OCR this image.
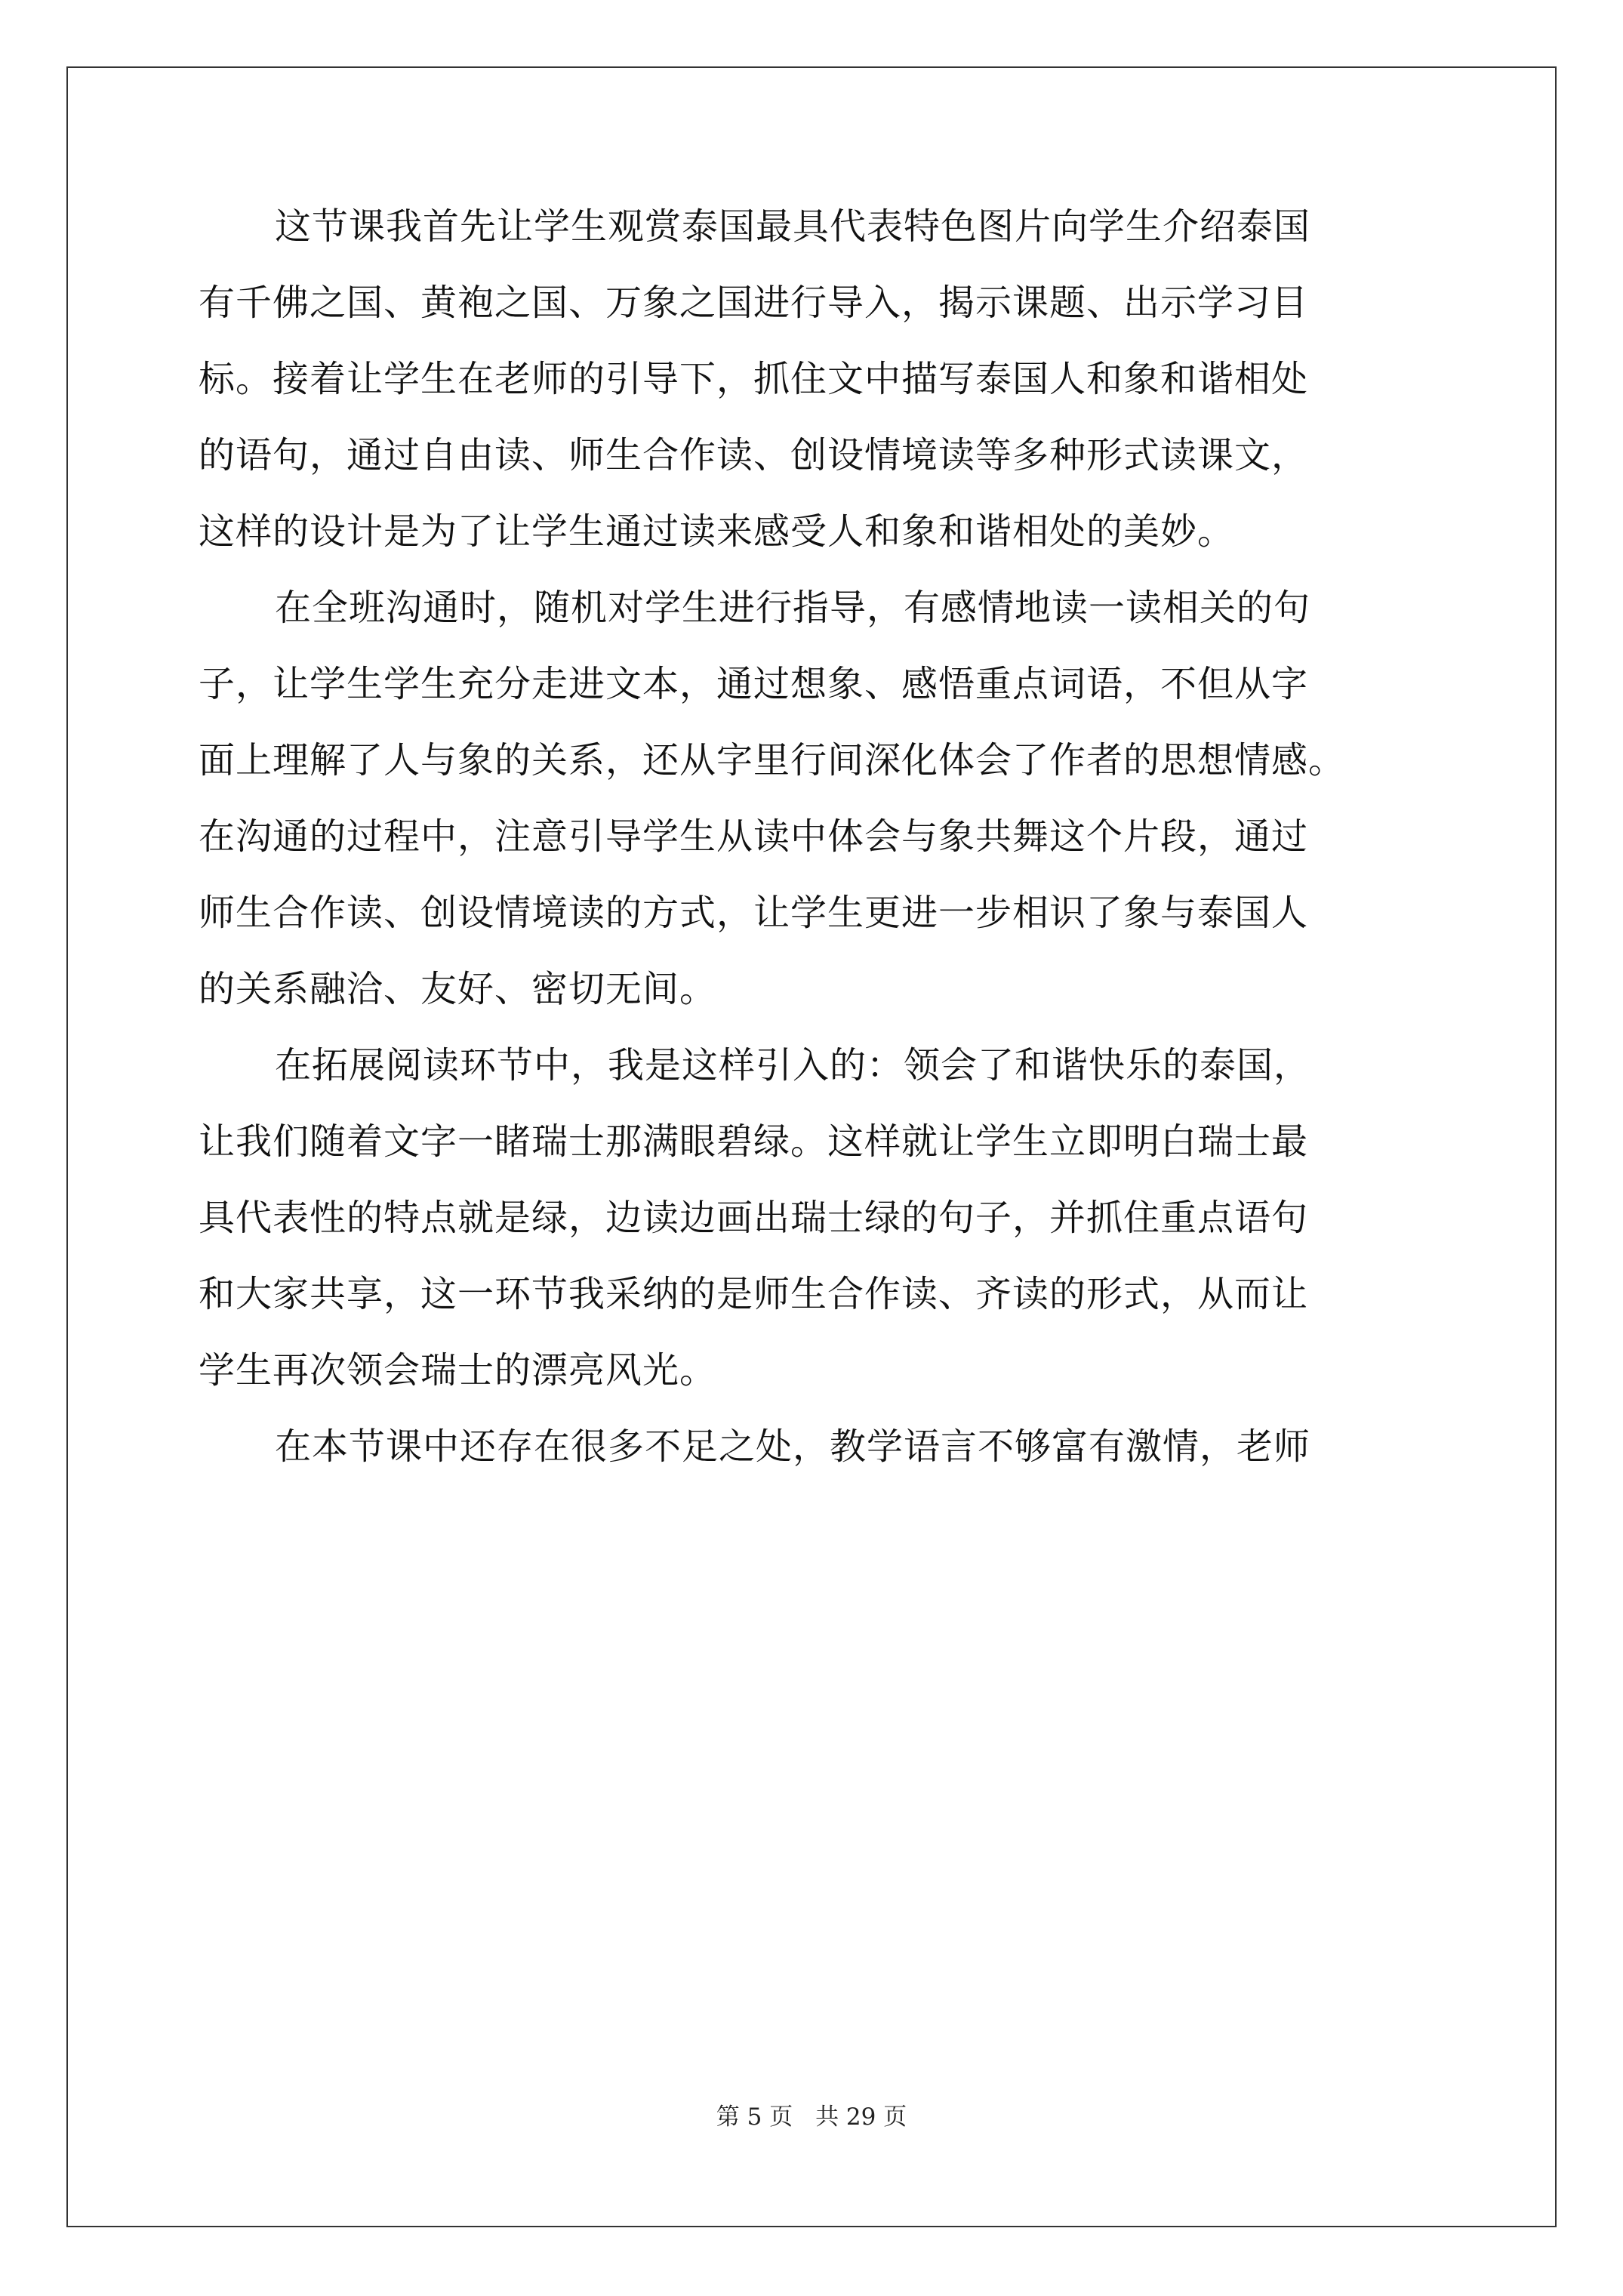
这节课我首先让学生观赏泰国最具代表特色图片向学生介绍泰国
有千佛之国、黄袍之国、万象之国进行导入，揭示课题、出示学习目
标。接着让学生在老师的引导下，抓住文中描写泰国人和象和谐相处
的语句，通过自由读、师生合作读、创设情境读等多种形式读课文，
这样的设计是为了让学生通过读来感受人和象和谐相处的美妙。

在全班沟通时，随机对学生进行指导，有感情地读一读相关的句
子，让学生学生充分走进文本，通过想象、感悟重点词语，不但从字
面上理解了人与象的关系，还从字里行间深化体会了作者的思想情感。
在沟通的过程中，注意引导学生从读中体会与象共舞这个片段，通过
师生合作读、创设情境读的方式，让学生更进一步相识了象与泰国人
的关系融洽、友好、密切无间。

在拓展阅读环节中，我是这样引入的：领会了和谐快乐的泰国，
让我们随着文字一睹瑞士那满眼碧绿。这样就让学生立即明白瑞士最
具代表性的特点就是绿，边读边画出瑞士绿的句子，并抓住重点语句
和大家共享，这一环节我采纳的是师生合作读、齐读的形式，从而让
学生再次领会瑞士的漂亮风光。

在本节课中还存在很多不足之处，教学语言不够富有激情，老师

第 5 页 共 29 页
